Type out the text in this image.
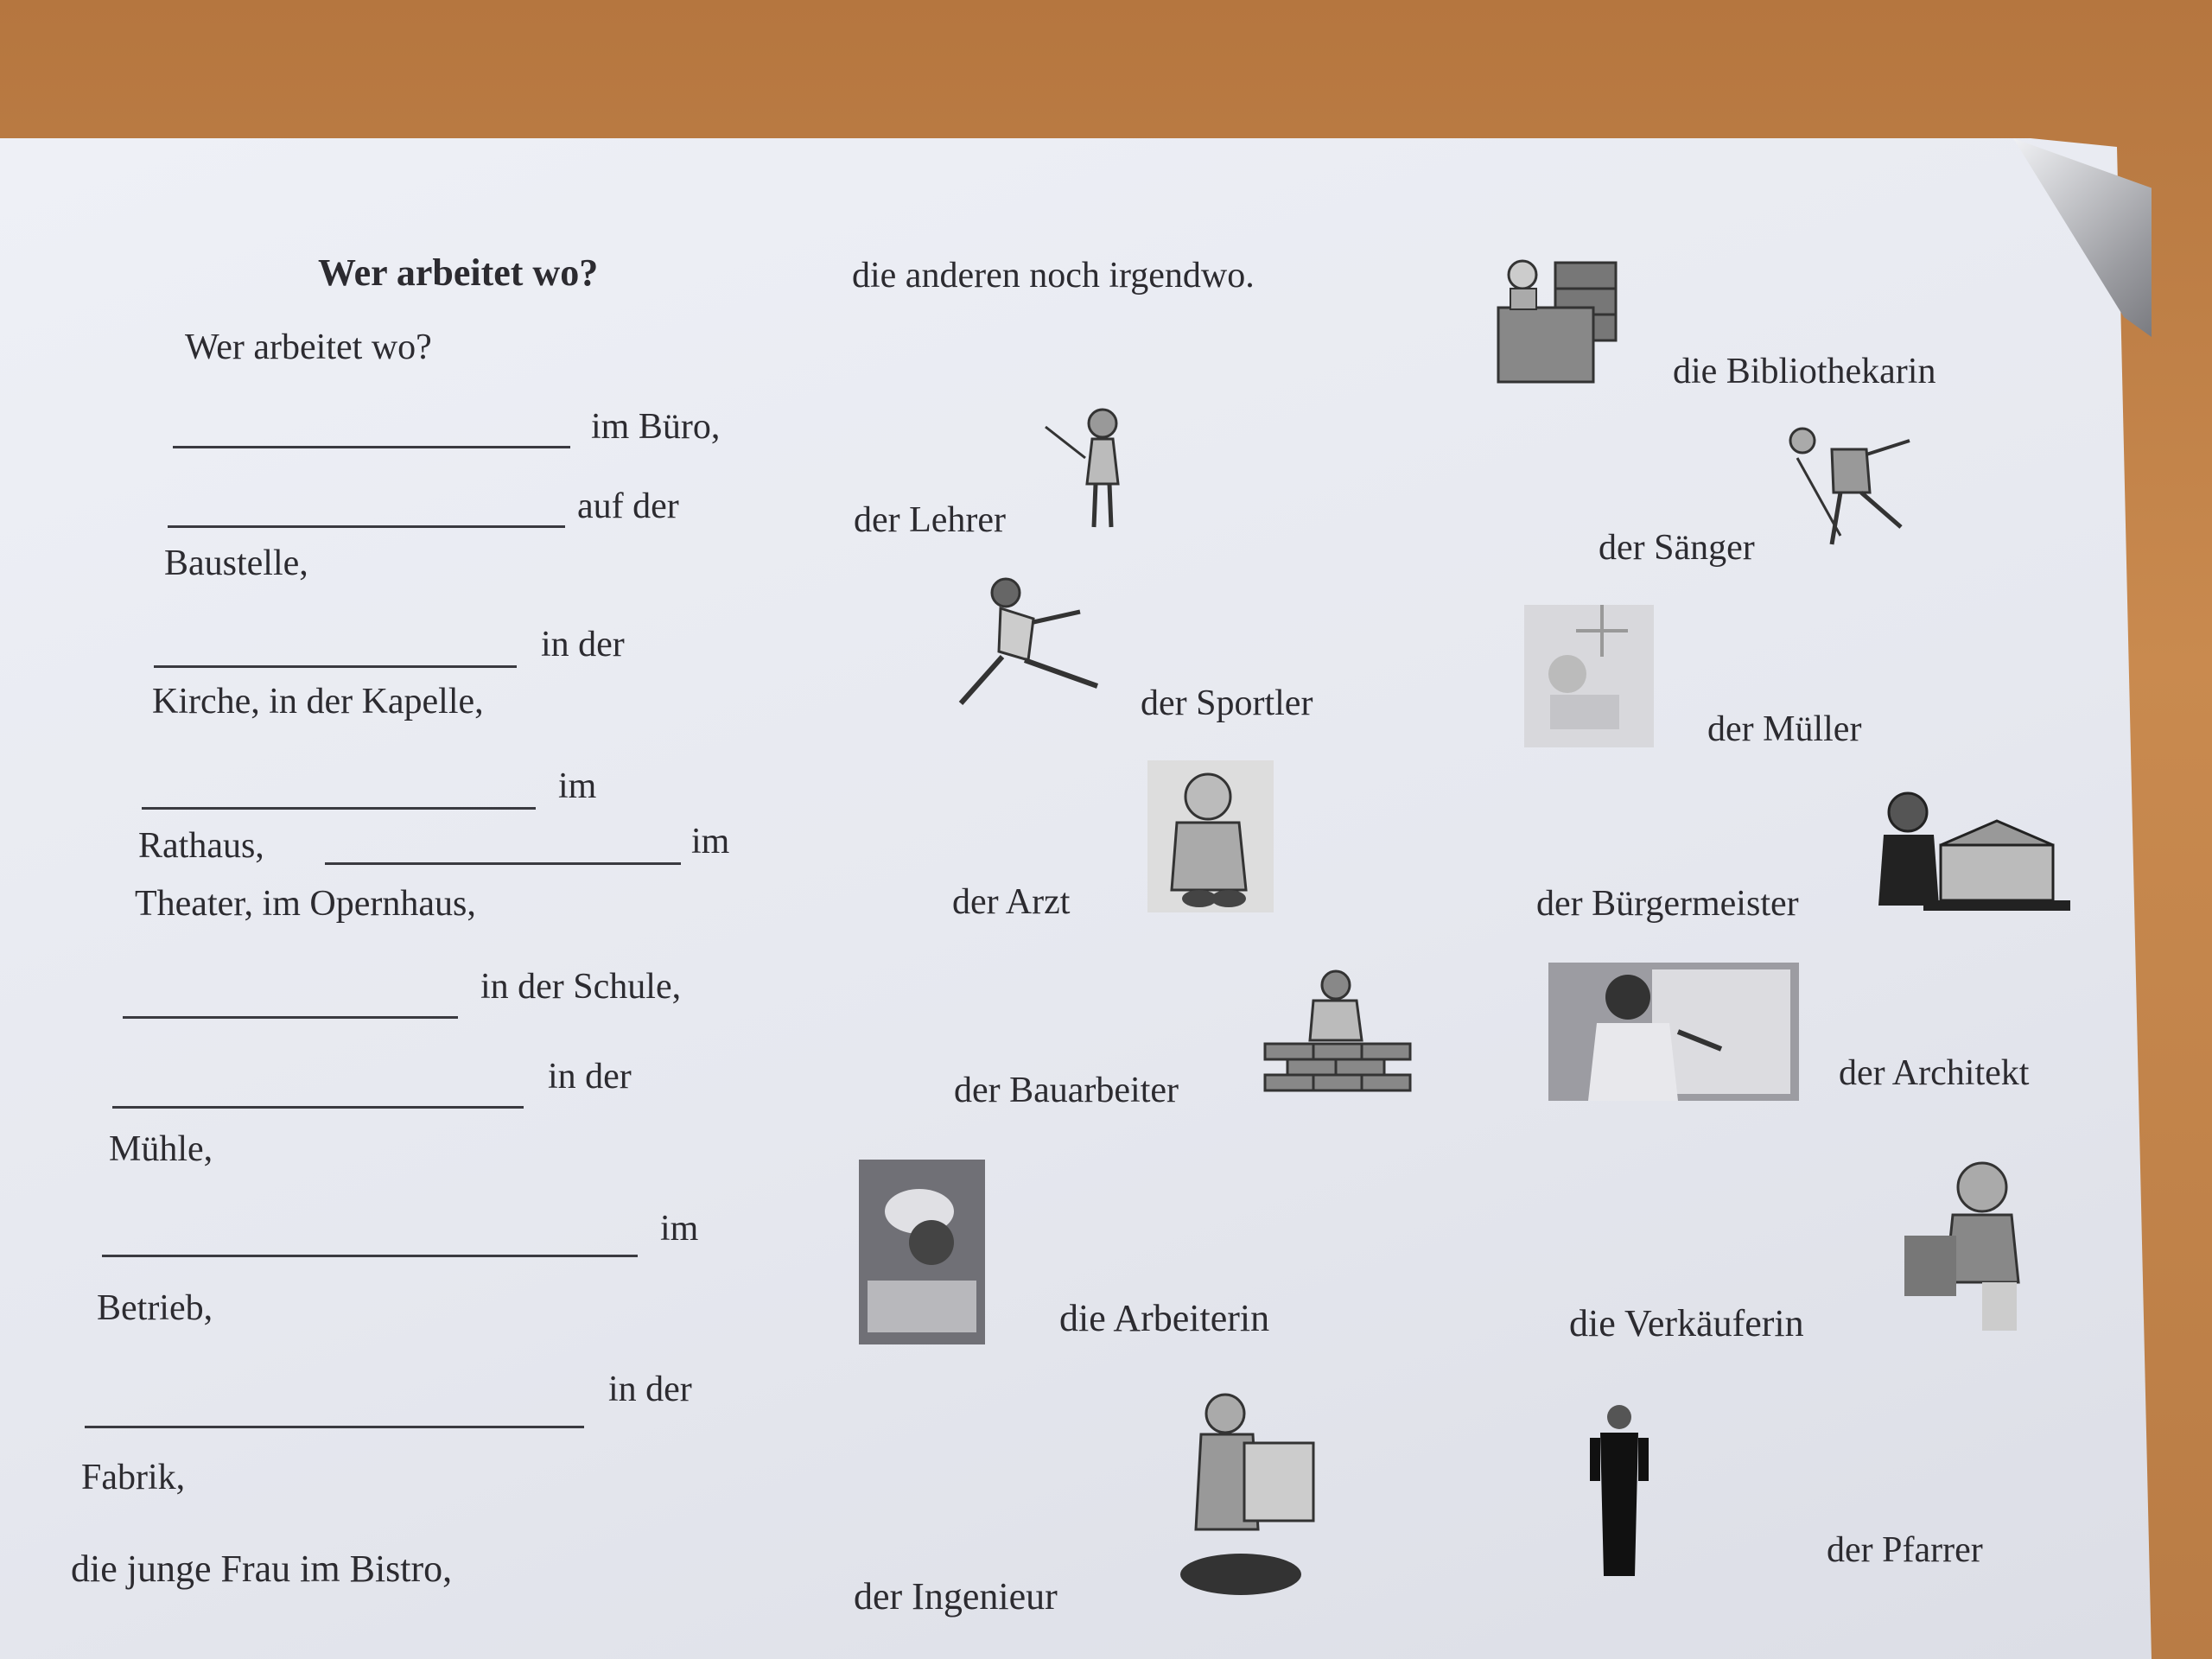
Wer arbeitet wo?
Wer arbeitet wo?
die anderen noch irgendwo.
im Büro,
auf der
Baustelle,
in der
Kirche, in der Kapelle,
im
Rathaus,	im
Theater, im Opernhaus,
in der Schule,
in der
Mühle,
im
Betrieb,
in der
Fabrik,
die junge Frau im Bistro,
die Bibliothekarin
der Lehrer
der Sänger
der Sportler
der Müller
der Arzt	der Bürgermeister
der Bauarbeiter	der Architekt
die Arbeiterin	die Verkäuferin
der Ingenieur
der Pfarrer
